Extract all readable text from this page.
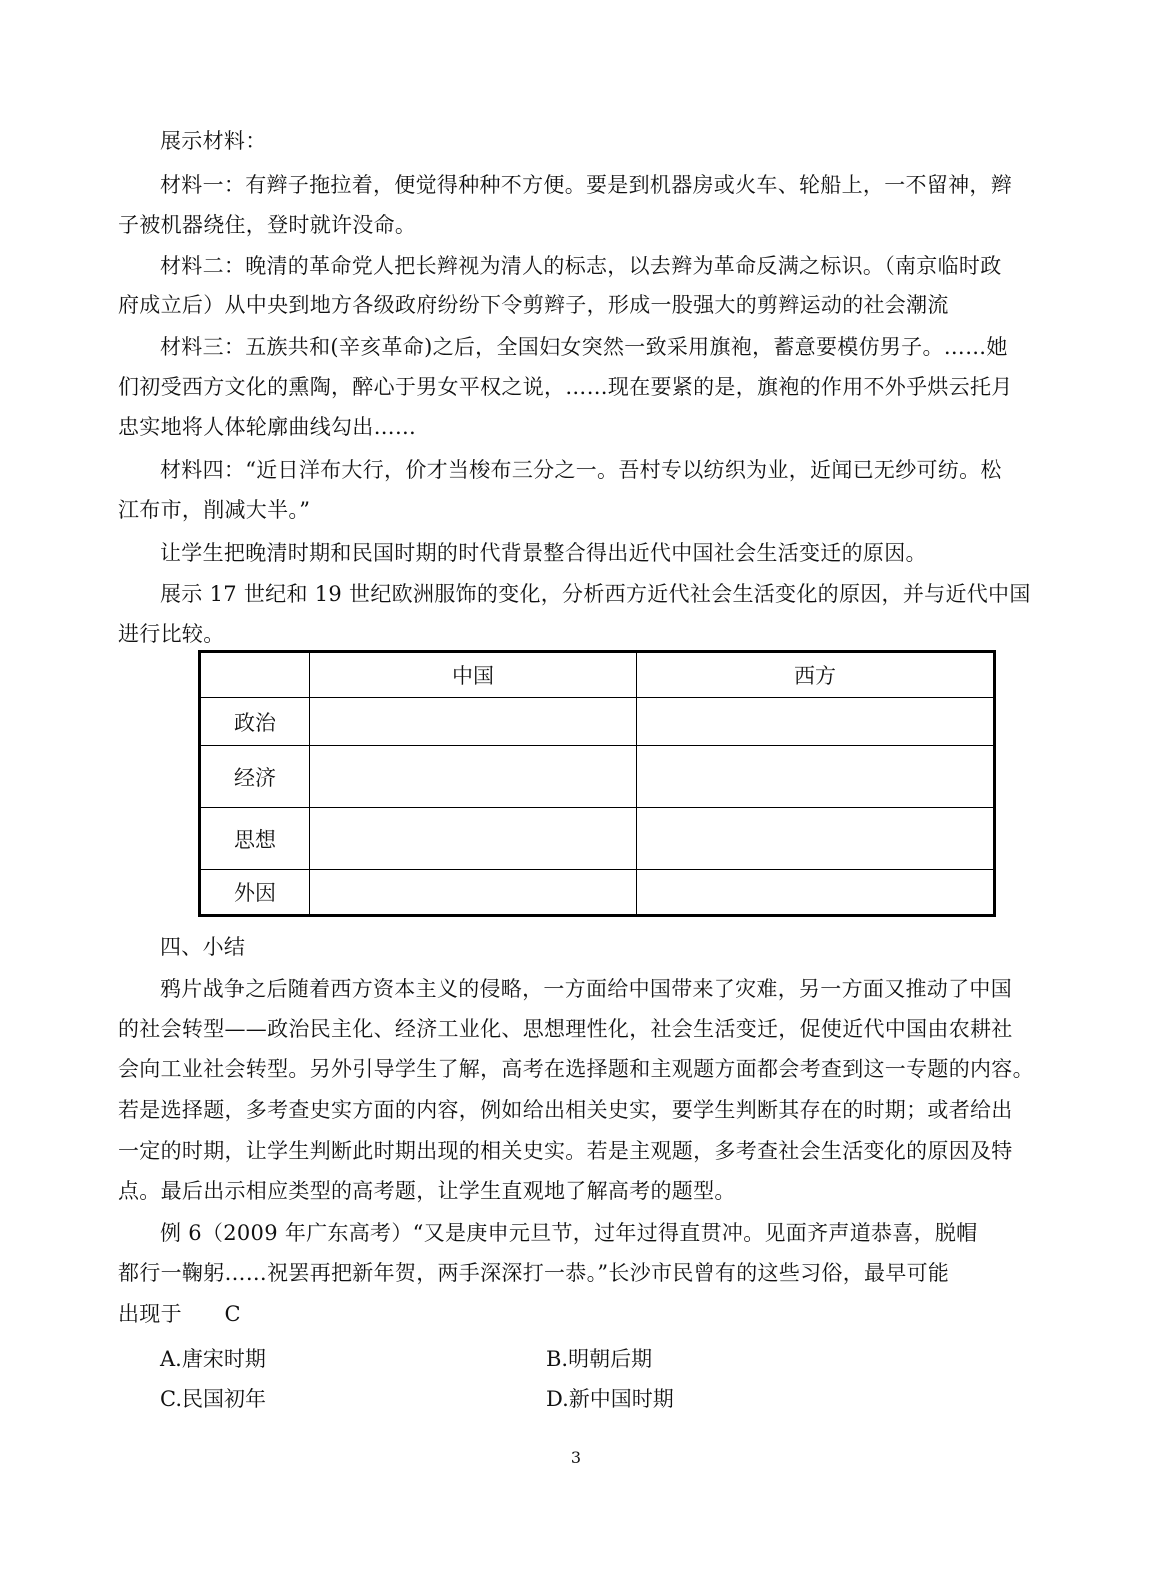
展示材料：
材料一：有辫子拖拉着，便觉得种种不方便。要是到机器房或火车、轮船上，一不留神，辫
子被机器绕住，登时就许没命。
材料二：晚清的革命党人把长辫视为清人的标志，以去辫为革命反满之标识。（南京临时政
府成立后）从中央到地方各级政府纷纷下令剪辫子，形成一股强大的剪辫运动的社会潮流
材料三：五族共和(辛亥革命)之后，全国妇女突然一致采用旗袍，蓄意要模仿男子。……她
们初受西方文化的熏陶，醉心于男女平权之说，……现在要紧的是，旗袍的作用不外乎烘云托月
忠实地将人体轮廓曲线勾出……
材料四：“近日洋布大行，价才当梭布三分之一。吾村专以纺织为业，近闻已无纱可纺。松
江布市，削减大半。”
让学生把晚清时期和民国时期的时代背景整合得出近代中国社会生活变迁的原因。
展示 17 世纪和 19 世纪欧洲服饰的变化，分析西方近代社会生活变化的原因，并与近代中国
进行比较。
	中国	西方
政治		
经济		
思想		
外因		
四、小结
鸦片战争之后随着西方资本主义的侵略，一方面给中国带来了灾难，另一方面又推动了中国
的社会转型——政治民主化、经济工业化、思想理性化，社会生活变迁，促使近代中国由农耕社
会向工业社会转型。另外引导学生了解，高考在选择题和主观题方面都会考查到这一专题的内容。
若是选择题，多考查史实方面的内容，例如给出相关史实，要学生判断其存在的时期；或者给出
一定的时期，让学生判断此时期出现的相关史实。若是主观题，多考查社会生活变化的原因及特
点。最后出示相应类型的高考题，让学生直观地了解高考的题型。
例 6（2009 年广东高考）“又是庚申元旦节，过年过得直贯冲。见面齐声道恭喜，脱帽
都行一鞠躬……祝罢再把新年贺，两手深深打一恭。”长沙市民曾有的这些习俗，最早可能
出现于　　C
A.唐宋时期	B.明朝后期
C.民国初年	D.新中国时期
3
